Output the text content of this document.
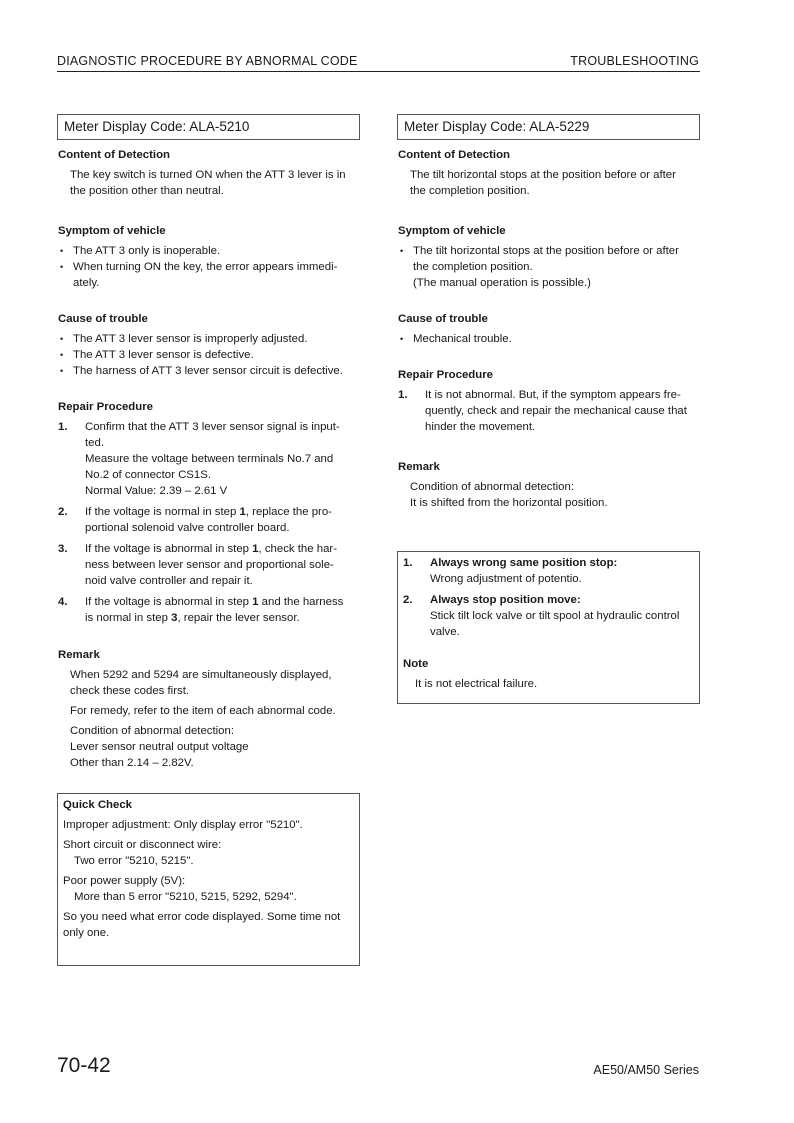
DIAGNOSTIC PROCEDURE BY ABNORMAL CODE	TROUBLESHOOTING
Meter Display Code: ALA-5210
Content of Detection
The key switch is turned ON when the ATT 3 lever is in
the position other than neutral.
Symptom of vehicle
• The ATT 3 only is inoperable.
• When turning ON the key, the error appears immedi-
ately.
Cause of trouble
• The ATT 3 lever sensor is improperly adjusted.
• The ATT 3 lever sensor is defective.
• The harness of ATT 3 lever sensor circuit is defective.
Repair Procedure
1. Confirm that the ATT 3 lever sensor signal is input-
ted.
Measure the voltage between terminals No.7 and
No.2 of connector CS1S.
Normal Value: 2.39 – 2.61 V
2. If the voltage is normal in step 1, replace the pro-
portional solenoid valve controller board.
3. If the voltage is abnormal in step 1, check the har-
ness between lever sensor and proportional sole-
noid valve controller and repair it.
4. If the voltage is abnormal in step 1 and the harness
is normal in step 3, repair the lever sensor.
Remark
When 5292 and 5294 are simultaneously displayed,
check these codes first.
For remedy, refer to the item of each abnormal code.
Condition of abnormal detection:
Lever sensor neutral output voltage
Other than 2.14 – 2.82V.
Quick Check
Improper adjustment: Only display error "5210".
Short circuit or disconnect wire:
Two error "5210, 5215".
Poor power supply (5V):
More than 5 error "5210, 5215, 5292, 5294".
So you need what error code displayed. Some time not
only one.
Meter Display Code: ALA-5229
Content of Detection
The tilt horizontal stops at the position before or after
the completion position.
Symptom of vehicle
• The tilt horizontal stops at the position before or after
the completion position.
(The manual operation is possible.)
Cause of trouble
• Mechanical trouble.
Repair Procedure
1. It is not abnormal. But, if the symptom appears fre-
quently, check and repair the mechanical cause that
hinder the movement.
Remark
Condition of abnormal detection:
It is shifted from the horizontal position.
1. Always wrong same position stop:
Wrong adjustment of potentio.
2. Always stop position move:
Stick tilt lock valve or tilt spool at hydraulic control
valve.
Note
It is not electrical failure.
70-42	AE50/AM50 Series
